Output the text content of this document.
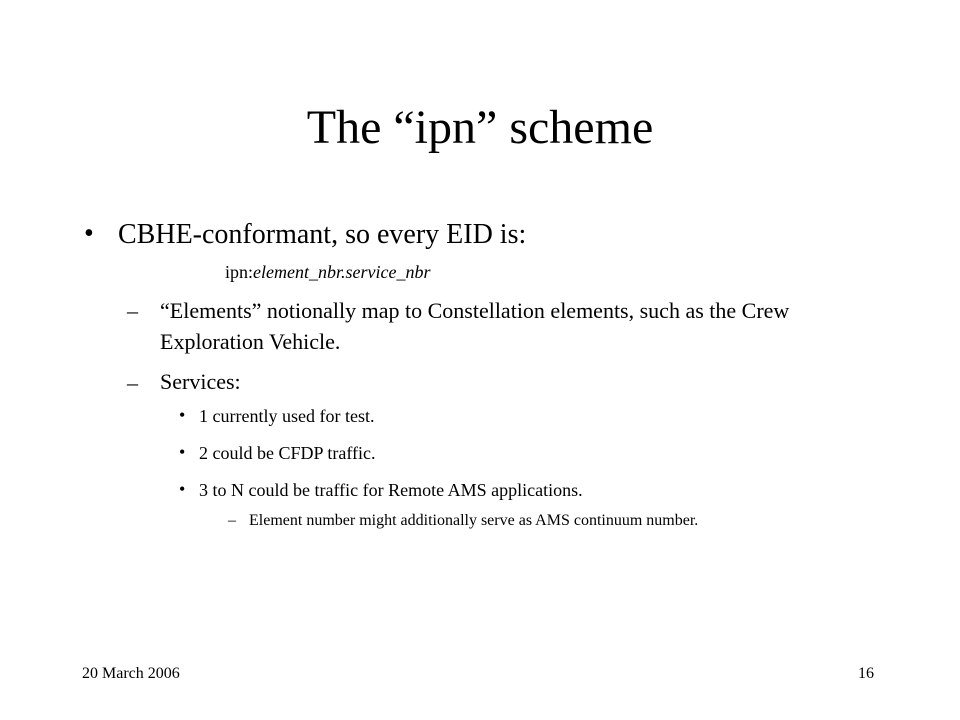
The “ipn” scheme
• CBHE-conformant, so every EID is:
ipn:element_nbr.service_nbr
– “Elements” notionally map to Constellation elements, such as the Crew Exploration Vehicle.
– Services:
• 1 currently used for test.
• 2 could be CFDP traffic.
• 3 to N could be traffic for Remote AMS applications.
– Element number might additionally serve as AMS continuum number.
20 March 2006	16
